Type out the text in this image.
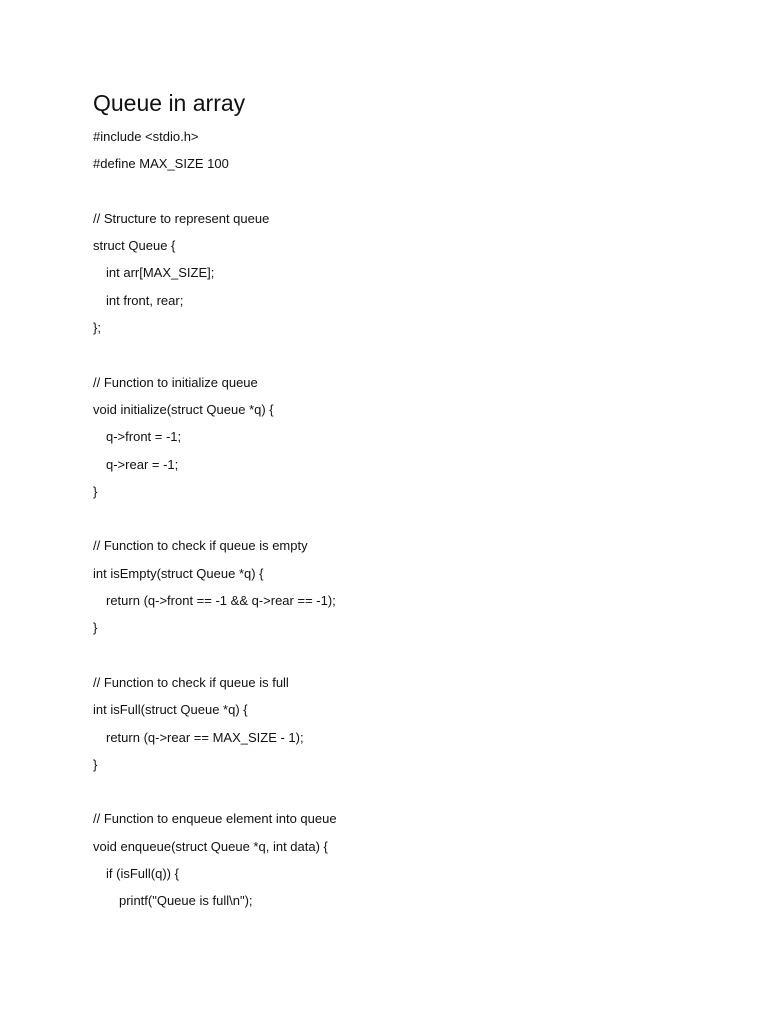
Queue in array
#include <stdio.h>
#define MAX_SIZE 100
// Structure to represent queue
struct Queue {
int arr[MAX_SIZE];
int front, rear;
};
// Function to initialize queue
void initialize(struct Queue *q) {
q->front = -1;
q->rear = -1;
}
// Function to check if queue is empty
int isEmpty(struct Queue *q) {
return (q->front == -1 && q->rear == -1);
}
// Function to check if queue is full
int isFull(struct Queue *q) {
return (q->rear == MAX_SIZE - 1);
}
// Function to enqueue element into queue
void enqueue(struct Queue *q, int data) {
if (isFull(q)) {
printf("Queue is full\n");
